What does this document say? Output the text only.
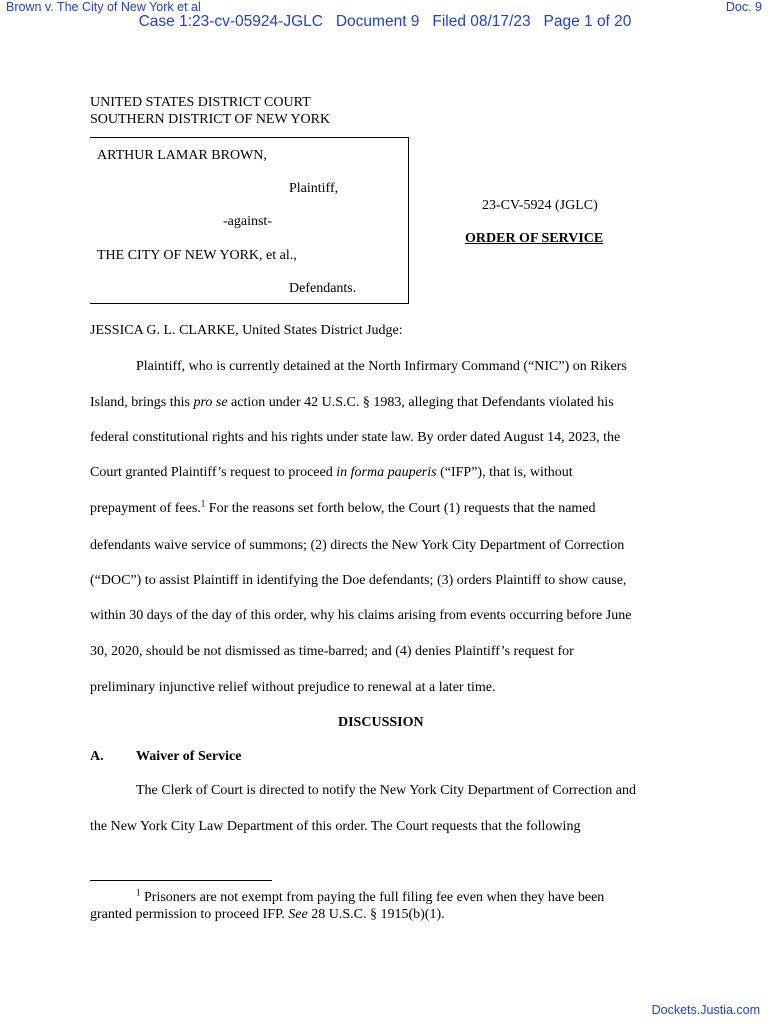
Brown v. The City of New York et al	Doc. 9
Case 1:23-cv-05924-JGLC   Document 9   Filed 08/17/23   Page 1 of 20
Dockets.Justia.com
UNITED STATES DISTRICT COURT
SOUTHERN DISTRICT OF NEW YORK
ARTHUR LAMAR BROWN,
Plaintiff,
-against-
THE CITY OF NEW YORK, et al.,
Defendants.
23-CV-5924 (JGLC)
ORDER OF SERVICE
JESSICA G. L. CLARKE, United States District Judge:
Plaintiff, who is currently detained at the North Infirmary Command (“NIC”) on Rikers
Island, brings this pro se action under 42 U.S.C. § 1983, alleging that Defendants violated his
federal constitutional rights and his rights under state law. By order dated August 14, 2023, the
Court granted Plaintiff’s request to proceed in forma pauperis (“IFP”), that is, without
prepayment of fees.$^1$ For the reasons set forth below, the Court (1) requests that the named
defendants waive service of summons; (2) directs the New York City Department of Correction
(“DOC”) to assist Plaintiff in identifying the Doe defendants; (3) orders Plaintiff to show cause,
within 30 days of the day of this order, why his claims arising from events occurring before June
30, 2020, should be not dismissed as time-barred; and (4) denies Plaintiff’s request for
preliminary injunctive relief without prejudice to renewal at a later time.
DISCUSSION
A. Waiver of Service
The Clerk of Court is directed to notify the New York City Department of Correction and
the New York City Law Department of this order. The Court requests that the following
$^1$ Prisoners are not exempt from paying the full filing fee even when they have been
granted permission to proceed IFP. See 28 U.S.C. § 1915(b)(1).
